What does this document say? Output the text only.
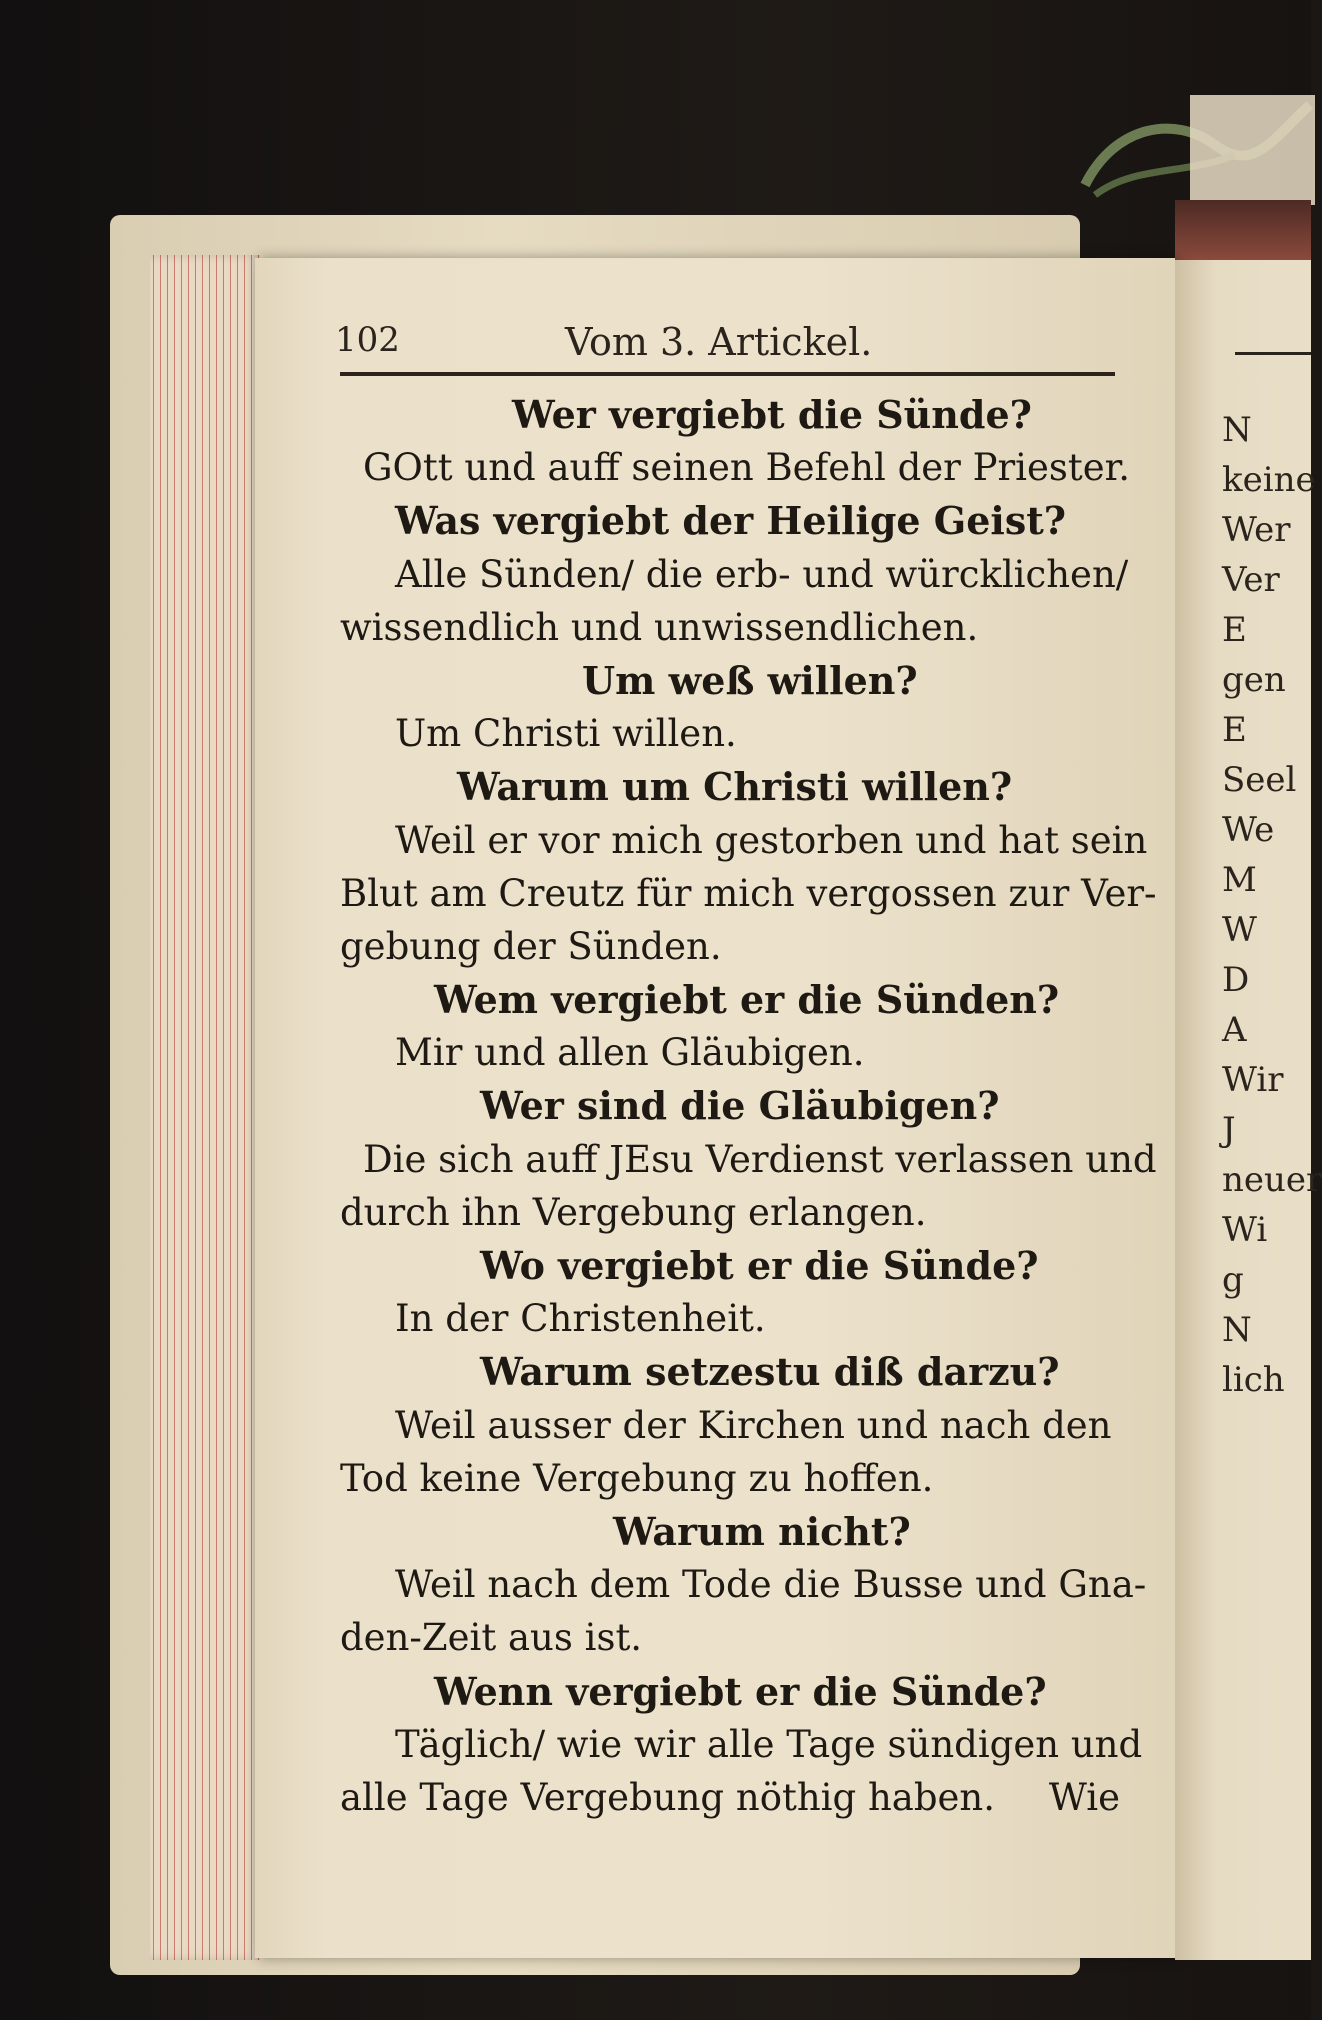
N
keine
Wer
Ver
E
gen
E
Seel
We
M
W
D
A
Wir
J
neuer
Wi
g
N
lich
102	Vom 3. Artickel.
Wer vergiebt die Sünde?
GOtt und auff seinen Befehl der Priester.
Was vergiebt der Heilige Geist?
Alle Sünden/ die erb- und würcklichen/
wissendlich und unwissendlichen.
Um weß willen?
Um Christi willen.
Warum um Christi willen?
Weil er vor mich gestorben und hat sein
Blut am Creutz für mich vergossen zur Ver-
gebung der Sünden.
Wem vergiebt er die Sünden?
Mir und allen Gläubigen.
Wer sind die Gläubigen?
Die sich auff JEsu Verdienst verlassen und
durch ihn Vergebung erlangen.
Wo vergiebt er die Sünde?
In der Christenheit.
Warum setzestu diß darzu?
Weil ausser der Kirchen und nach den
Tod keine Vergebung zu hoffen.
Warum nicht?
Weil nach dem Tode die Busse und Gna-
den-Zeit aus ist.
Wenn vergiebt er die Sünde?
Täglich/ wie wir alle Tage sündigen und
alle Tage Vergebung nöthig haben. Wie
